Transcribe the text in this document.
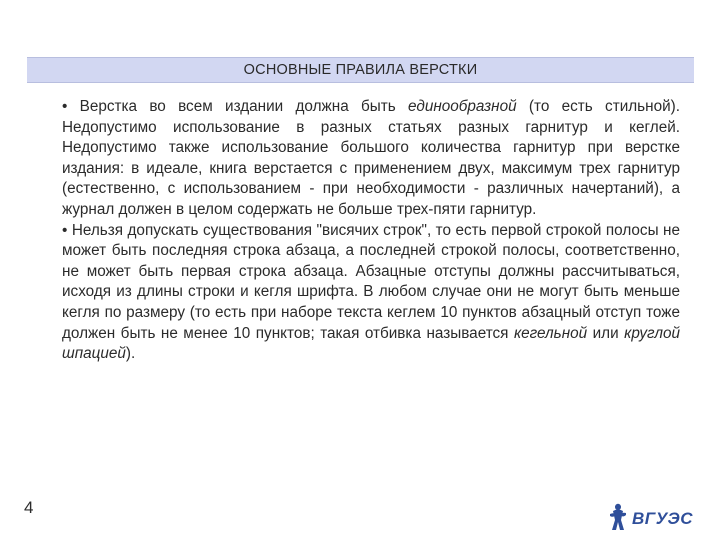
ОСНОВНЫЕ ПРАВИЛА ВЕРСТКИ

• Верстка во всем издании должна быть единообразной (то есть стильной). Недопустимо использование в разных статьях разных гарнитур и кеглей. Недопустимо также использование большого количества гарнитур при верстке издания: в идеале, книга верстается с применением двух, максимум трех гарнитур (естественно, с использованием - при необходимости - различных начертаний), а журнал должен в целом содержать не больше трех-пяти гарнитур.

• Нельзя допускать существования "висячих строк", то есть первой строкой полосы не может быть последняя строка абзаца, а последней строкой полосы, соответственно, не может быть первая строка абзаца. Абзацные отступы должны рассчитываться, исходя из длины строки и кегля шрифта. В любом случае они не могут быть меньше кегля по размеру (то есть при наборе текста кеглем 10 пунктов абзацный отступ тоже должен быть не менее 10 пунктов; такая отбивка называется кегельной или круглой шпацией).

4
ВГУЭС
